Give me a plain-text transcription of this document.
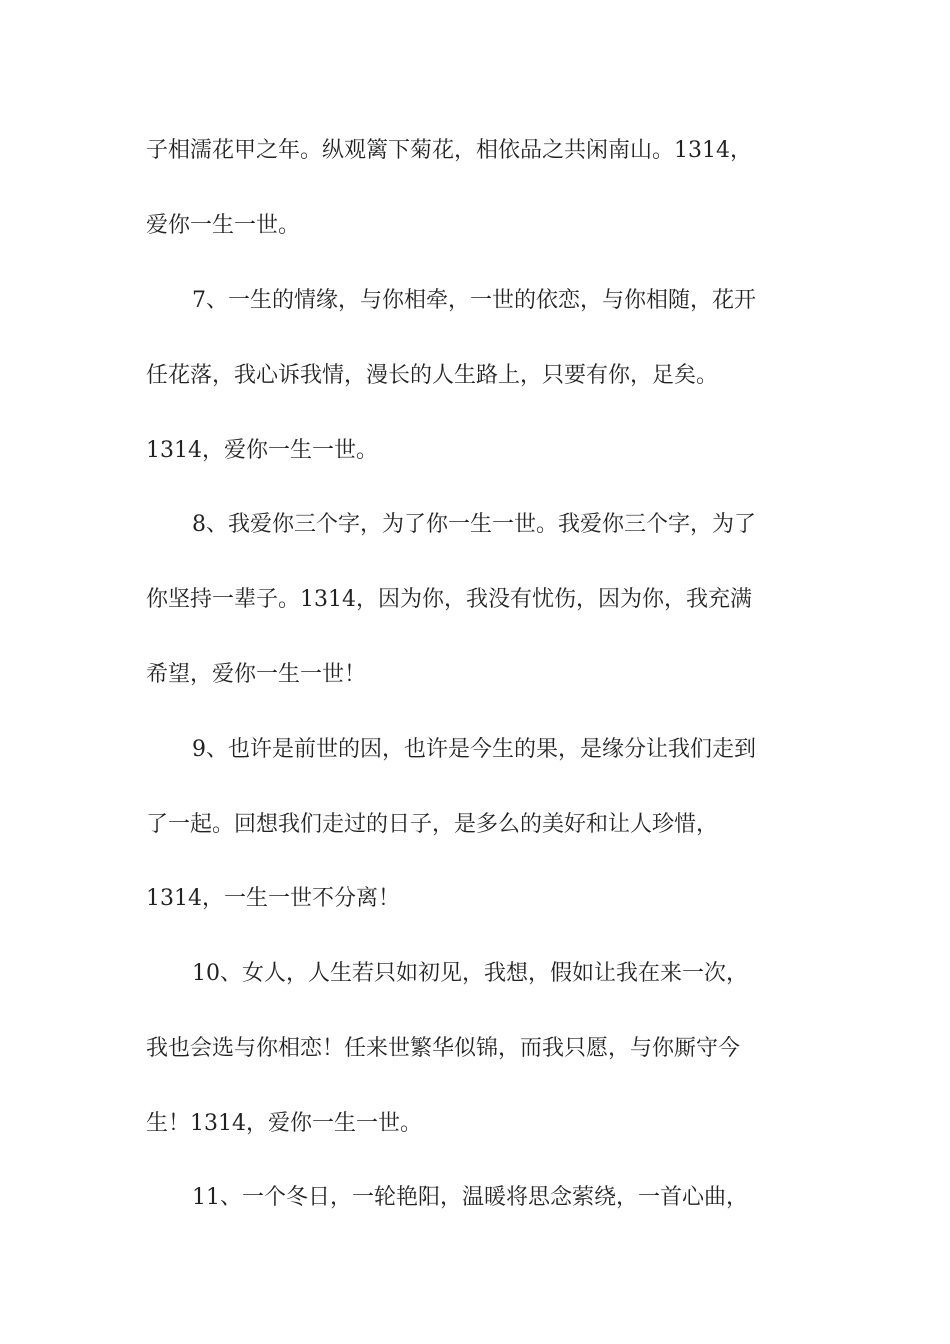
子相濡花甲之年。纵观篱下菊花，相依品之共闲南山。1314，
爱你一生一世。
7、一生的情缘，与你相牵，一世的依恋，与你相随，花开
任花落，我心诉我情，漫长的人生路上，只要有你，足矣。
1314，爱你一生一世。
8、我爱你三个字，为了你一生一世。我爱你三个字，为了
你坚持一辈子。1314，因为你，我没有忧伤，因为你，我充满
希望，爱你一生一世！
9、也许是前世的因，也许是今生的果，是缘分让我们走到
了一起。回想我们走过的日子，是多么的美好和让人珍惜，
1314，一生一世不分离！
10、女人，人生若只如初见，我想，假如让我在来一次，
我也会选与你相恋！任来世繁华似锦，而我只愿，与你厮守今
生！1314，爱你一生一世。
11、一个冬日，一轮艳阳，温暖将思念萦绕，一首心曲，
